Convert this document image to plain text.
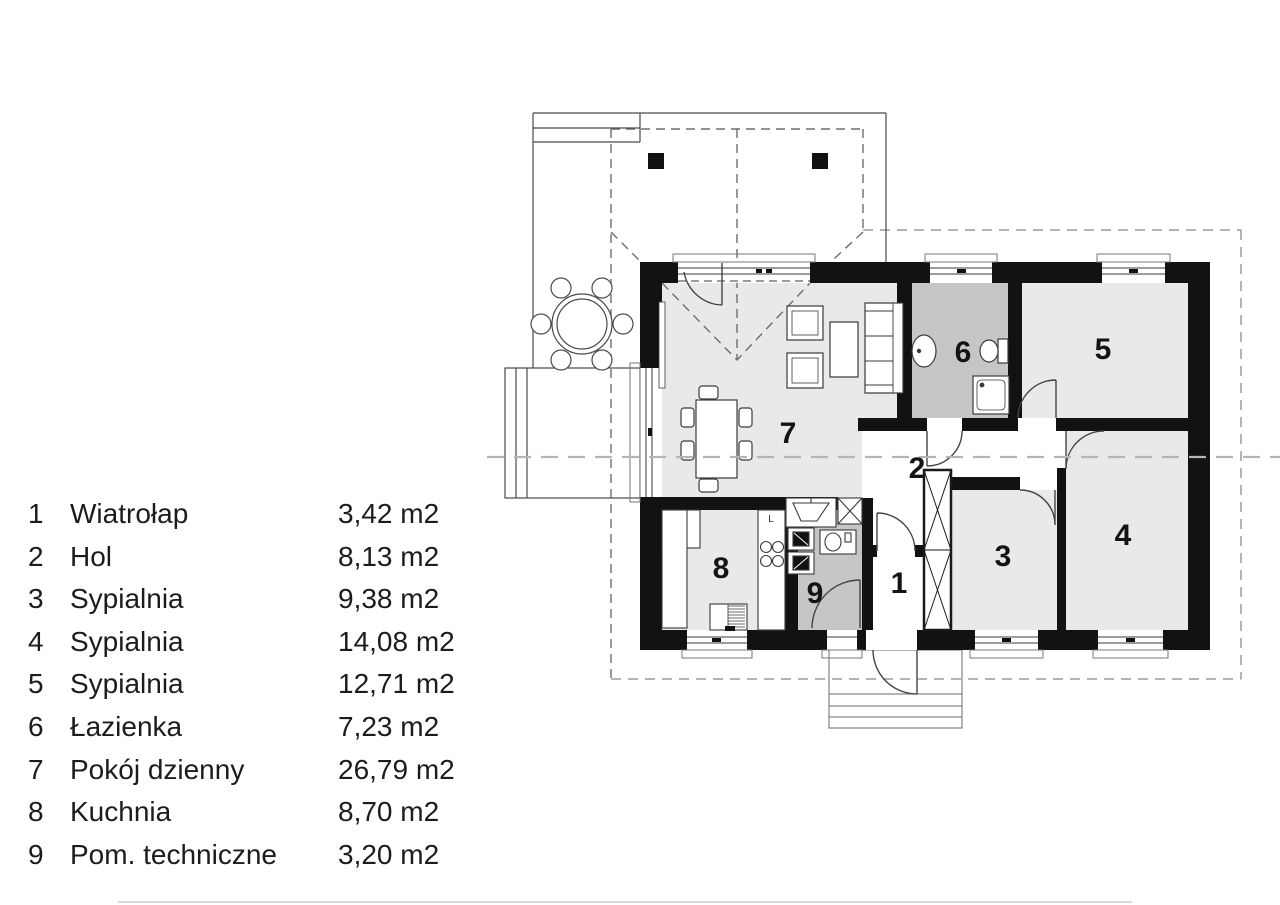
1
2
3
4
5
6
7
8
9
L
1 Wiatrołap	3,42 m2
2 Hol	8,13 m2
3 Sypialnia	9,38 m2
4 Sypialnia	14,08 m2
5 Sypialnia	12,71 m2
6 Łazienka	7,23 m2
7 Pokój dzienny	26,79 m2
8 Kuchnia	8,70 m2
9 Pom. techniczne	3,20 m2
